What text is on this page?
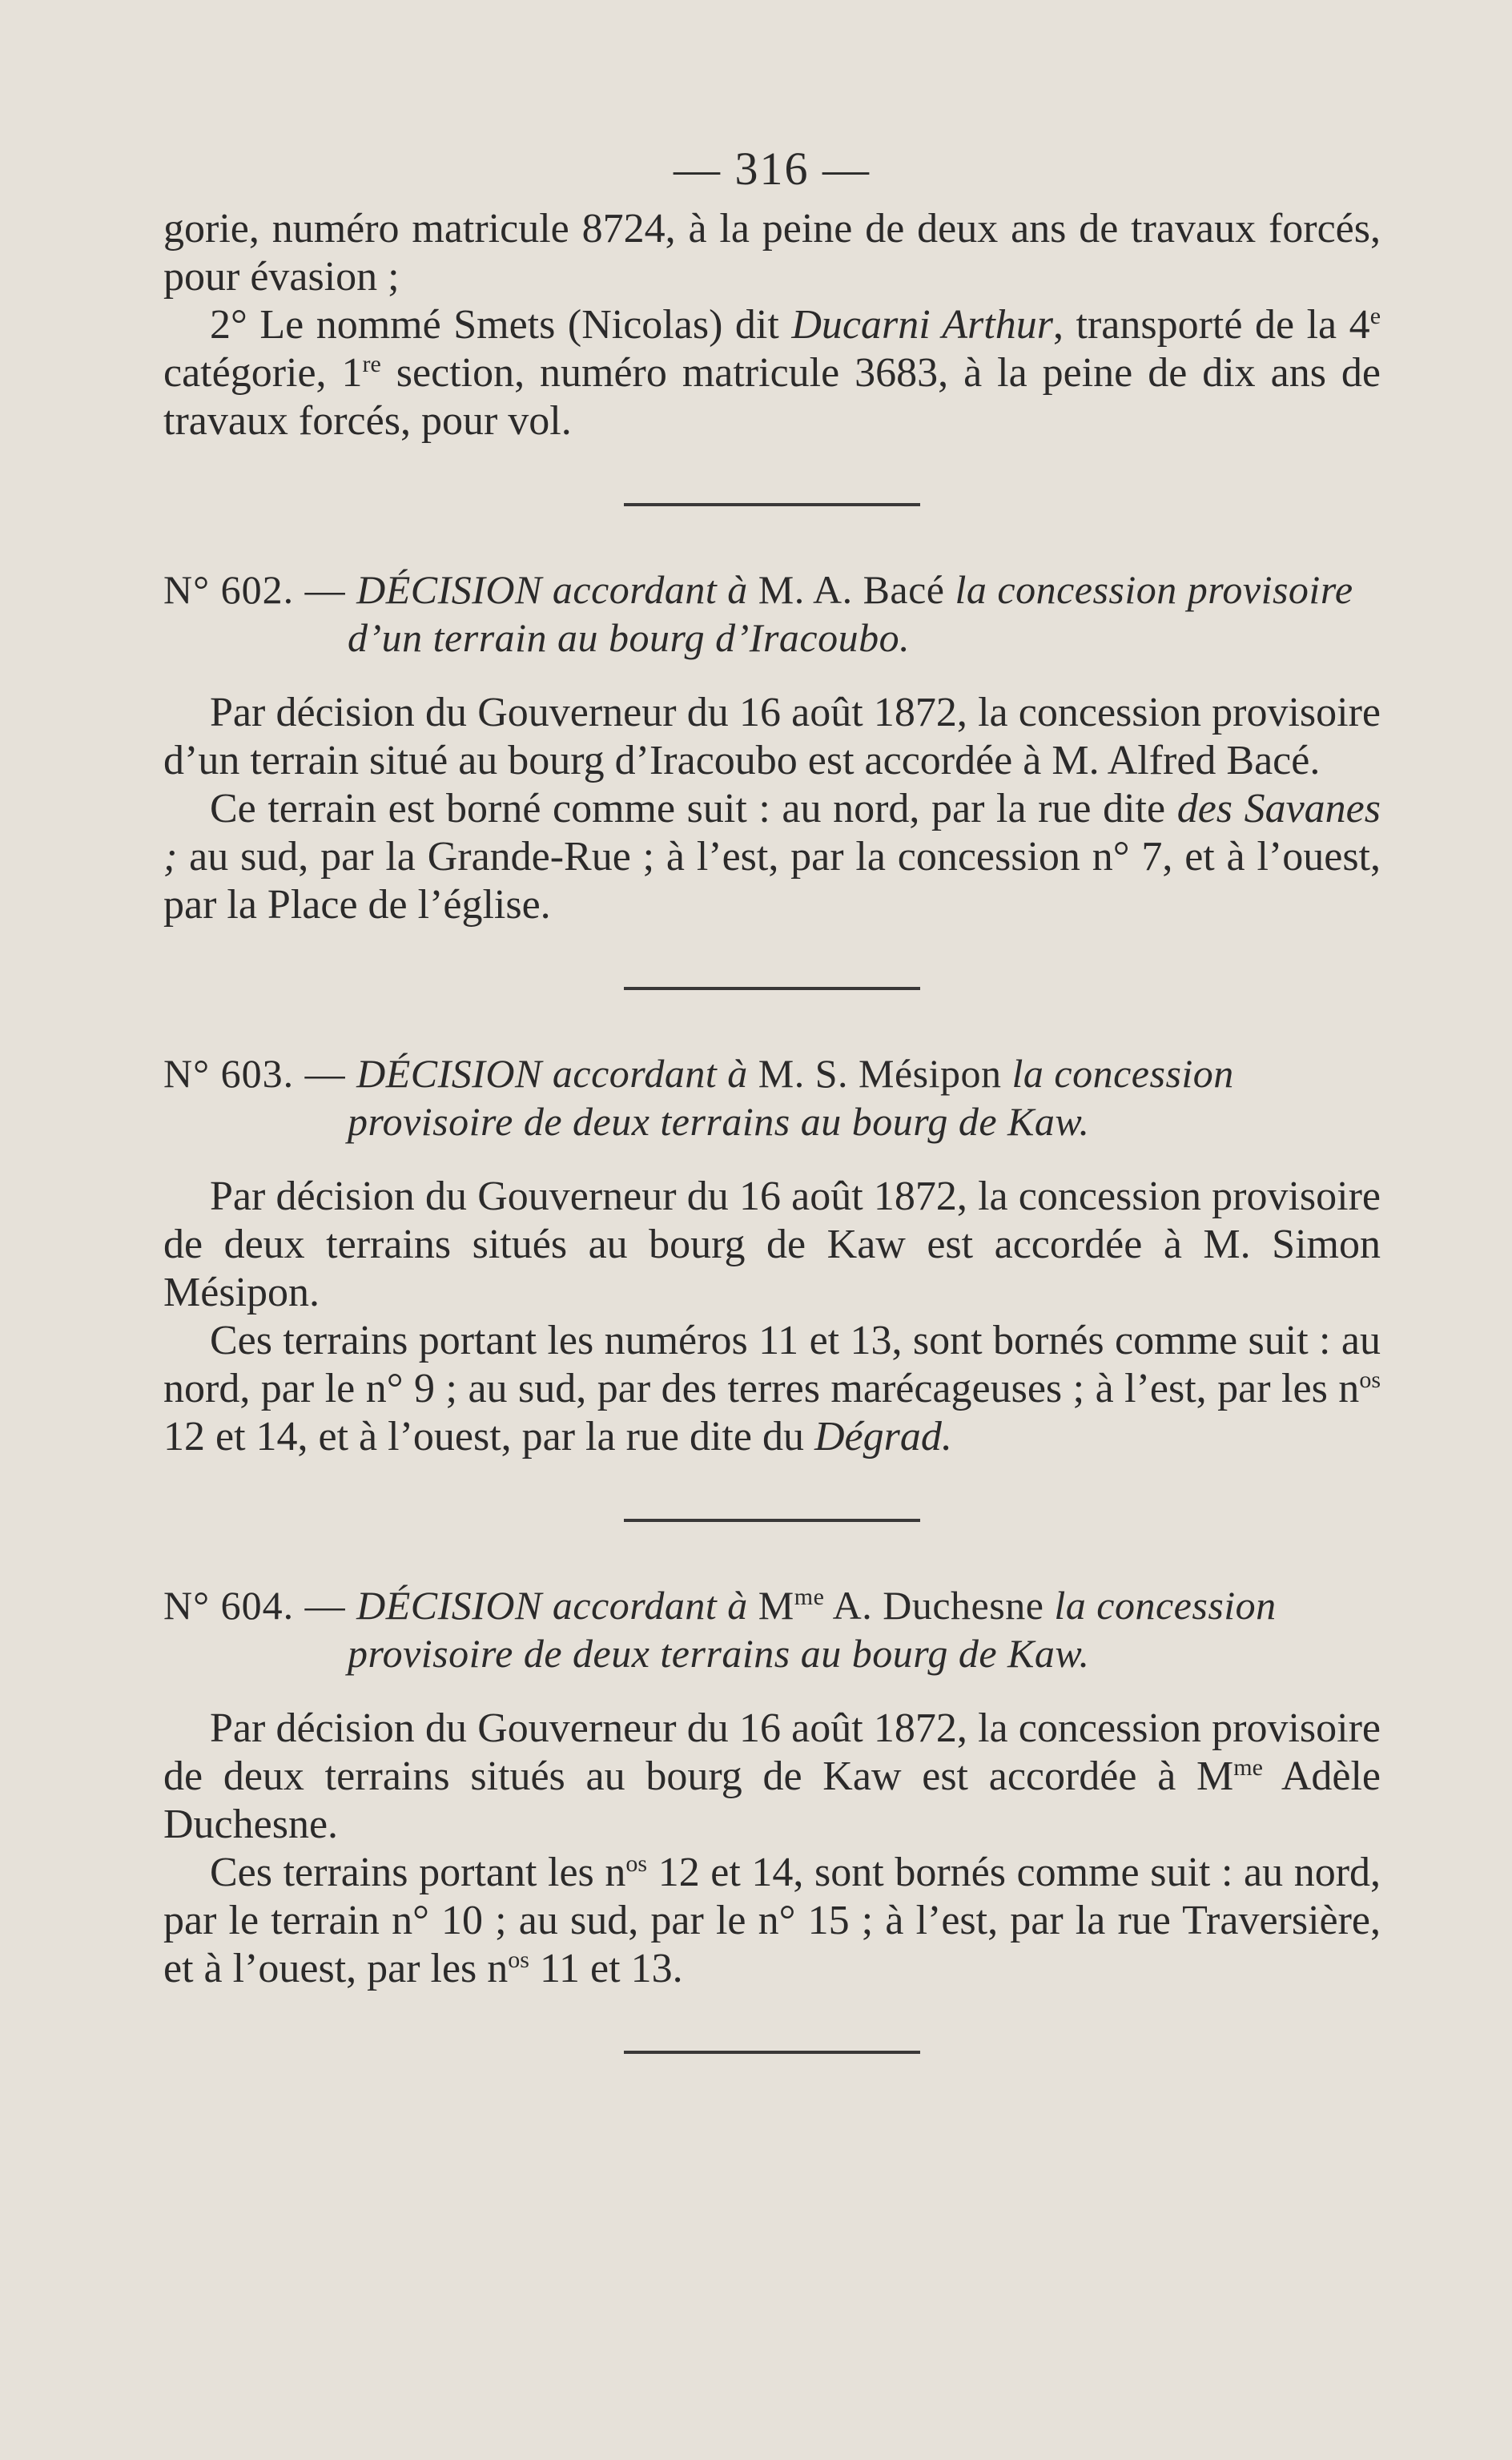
— 316 —

gorie, numéro matricule 8724, à la peine de deux ans de travaux forcés, pour évasion ;

2° Le nommé Smets (Nicolas) dit Ducarni Arthur, transporté de la 4e catégorie, 1re section, numéro matricule 3683, à la peine de dix ans de travaux forcés, pour vol.

N° 602. — DÉCISION accordant à M. A. Bacé la concession provisoire d’un terrain au bourg d’Iracoubo.

Par décision du Gouverneur du 16 août 1872, la concession provisoire d’un terrain situé au bourg d’Iracoubo est accordée à M. Alfred Bacé.

Ce terrain est borné comme suit : au nord, par la rue dite des Savanes ; au sud, par la Grande-Rue ; à l’est, par la concession n° 7, et à l’ouest, par la Place de l’église.

N° 603. — DÉCISION accordant à M. S. Mésipon la concession provisoire de deux terrains au bourg de Kaw.

Par décision du Gouverneur du 16 août 1872, la concession provisoire de deux terrains situés au bourg de Kaw est accordée à M. Simon Mésipon.

Ces terrains portant les numéros 11 et 13, sont bornés comme suit : au nord, par le n° 9 ; au sud, par des terres marécageuses ; à l’est, par les $n^{os}$ 12 et 14, et à l’ouest, par la rue dite du Dégrad.

N° 604. — DÉCISION accordant à $M^{me}$ A. Duchesne la concession provisoire de deux terrains au bourg de Kaw.

Par décision du Gouverneur du 16 août 1872, la concession provisoire de deux terrains situés au bourg de Kaw est accordée à $M^{me}$ Adèle Duchesne.

Ces terrains portant les $n^{os}$ 12 et 14, sont bornés comme suit : au nord, par le terrain n° 10 ; au sud, par le n° 15 ; à l’est, par la rue Traversière, et à l’ouest, par les $n^{os}$ 11 et 13.
